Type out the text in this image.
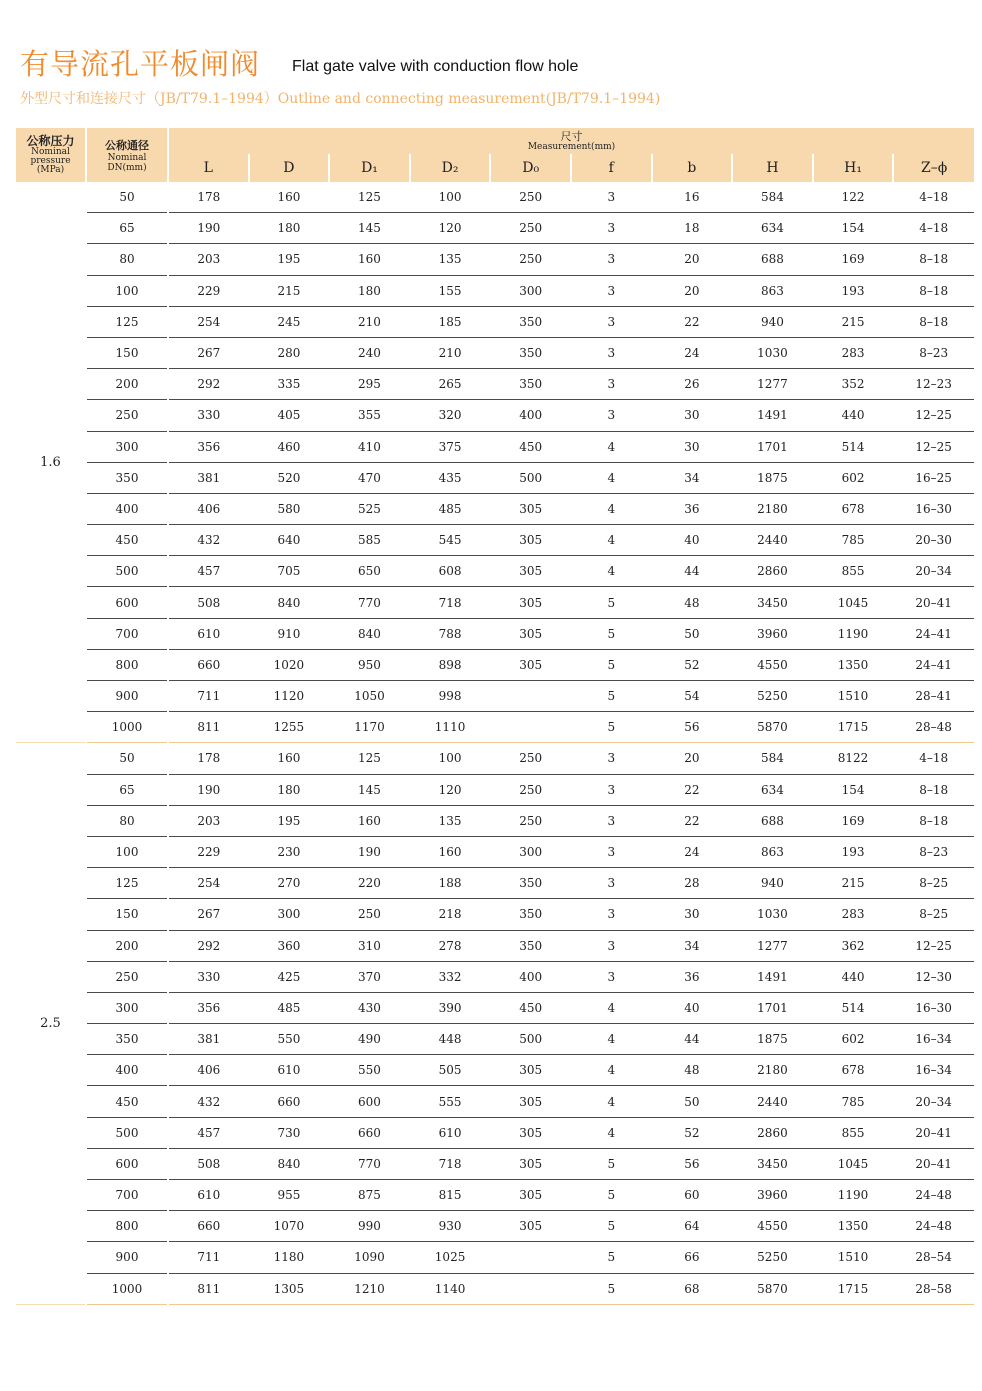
有导流孔平板闸阀 Flat gate valve with conduction flow hole
外型尺寸和连接尺寸（JB/T79.1–1994）Outline and connecting measurement(JB/T79.1–1994)
公称压力
Nominal pressure (MPa)	公称通径
Nominal DN(mm)	尺寸
Measurement(mm)									

		L	D	D₁	D₂	D₀	f	b	H	H₁	Z–ϕ
1.6	50	178	160	125	100	250	3	16	584	122	4–18
	65	190	180	145	120	250	3	18	634	154	4–18
	80	203	195	160	135	250	3	20	688	169	8–18
	100	229	215	180	155	300	3	20	863	193	8–18
	125	254	245	210	185	350	3	22	940	215	8–18
	150	267	280	240	210	350	3	24	1030	283	8–23
	200	292	335	295	265	350	3	26	1277	352	12–23
	250	330	405	355	320	400	3	30	1491	440	12–25
	300	356	460	410	375	450	4	30	1701	514	12–25
	350	381	520	470	435	500	4	34	1875	602	16–25
	400	406	580	525	485	305	4	36	2180	678	16–30
	450	432	640	585	545	305	4	40	2440	785	20–30
	500	457	705	650	608	305	4	44	2860	855	20–34
	600	508	840	770	718	305	5	48	3450	1045	20–41
	700	610	910	840	788	305	5	50	3960	1190	24–41
	800	660	1020	950	898	305	5	52	4550	1350	24–41
	900	711	1120	1050	998		5	54	5250	1510	28–41
	1000	811	1255	1170	1110		5	56	5870	1715	28–48
2.5	50	178	160	125	100	250	3	20	584	8122	4–18
	65	190	180	145	120	250	3	22	634	154	8–18
	80	203	195	160	135	250	3	22	688	169	8–18
	100	229	230	190	160	300	3	24	863	193	8–23
	125	254	270	220	188	350	3	28	940	215	8–25
	150	267	300	250	218	350	3	30	1030	283	8–25
	200	292	360	310	278	350	3	34	1277	362	12–25
	250	330	425	370	332	400	3	36	1491	440	12–30
	300	356	485	430	390	450	4	40	1701	514	16–30
	350	381	550	490	448	500	4	44	1875	602	16–34
	400	406	610	550	505	305	4	48	2180	678	16–34
	450	432	660	600	555	305	4	50	2440	785	20–34
	500	457	730	660	610	305	4	52	2860	855	20–41
	600	508	840	770	718	305	5	56	3450	1045	20–41
	700	610	955	875	815	305	5	60	3960	1190	24–48
	800	660	1070	990	930	305	5	64	4550	1350	24–48
	900	711	1180	1090	1025		5	66	5250	1510	28–54
	1000	811	1305	1210	1140		5	68	5870	1715	28–58
